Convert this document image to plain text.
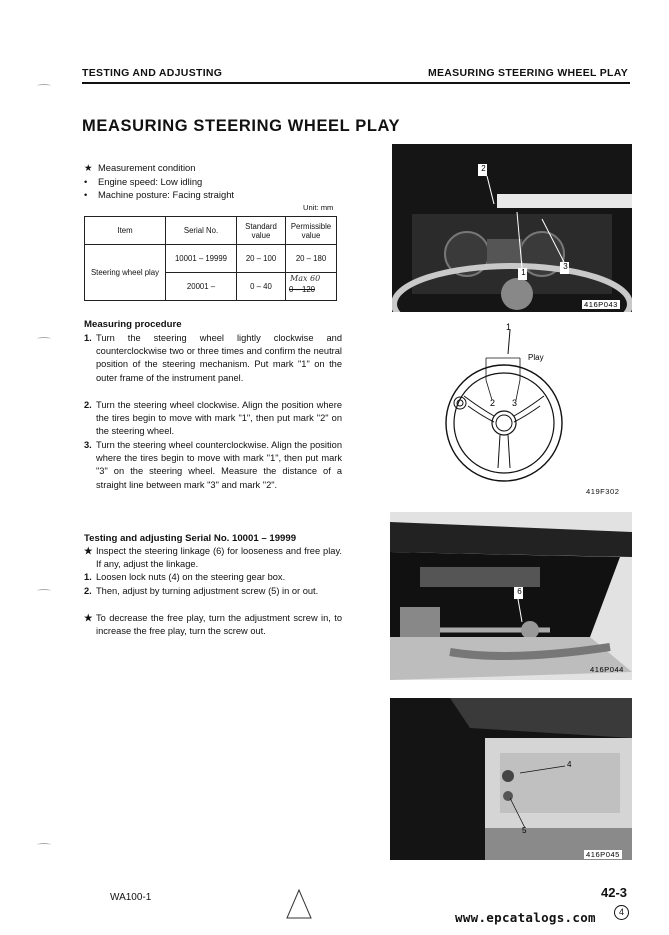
TESTING AND ADJUSTING	MEASURING STEERING WHEEL PLAY
MEASURING STEERING WHEEL PLAY
★ Measurement condition
• Engine speed: Low idling
• Machine posture: Facing straight
Unit: mm
Item	Serial No.	Standard value	Permissible value
Steering wheel play	10001 – 19999	20 – 100	20 – 180
	20001 –	0 – 40	Max 60
0 – 120
Measuring procedure
1. Turn the steering wheel lightly clockwise and counterclockwise two or three times and confirm the neutral position of the steering mechanism. Put mark "1" on the outer frame of the instrument panel.
2. Turn the steering wheel clockwise. Align the position where the tires begin to move with mark "1", then put mark "2" on the steering wheel.
3. Turn the steering wheel counterclockwise. Align the position where the tires begin to move with mark "1", then put mark "3" on the steering wheel. Measure the distance of a straight line between mark "3" and mark "2".
Testing and adjusting Serial No. 10001 – 19999
★ Inspect the steering linkage (6) for looseness and free play. If any, adjust the linkage.
1. Loosen lock nuts (4) on the steering gear box.
2. Then, adjust by turning adjustment screw (5) in or out.
★ To decrease the free play, turn the adjustment screw in, to increase the free play, turn the screw out.
2
1
3
416P043
1
Play
2 3
419F302
6
416P044
4
5
416P045
WA100-1	42-3
www.epcatalogs.com	4
